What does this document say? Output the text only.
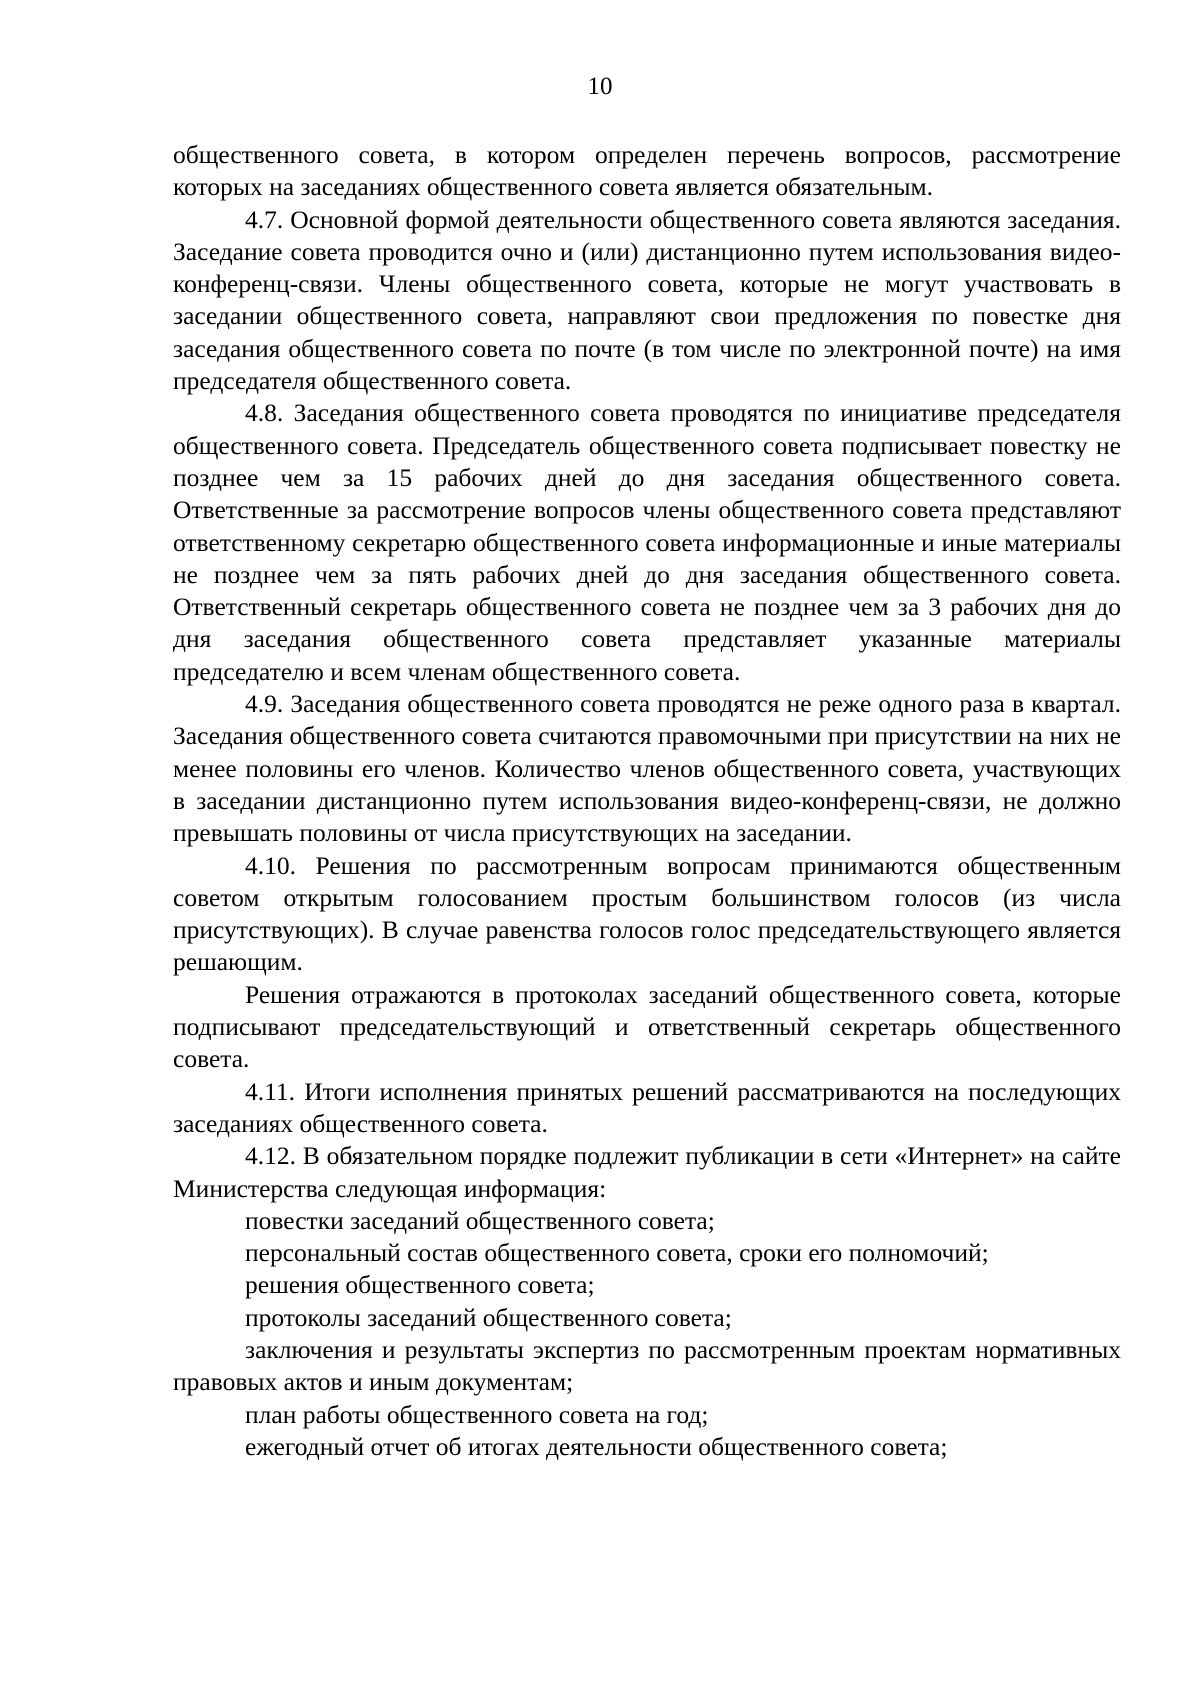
10

общественного совета, в котором определен перечень вопросов, рассмотрение которых на заседаниях общественного совета является обязательным.

4.7. Основной формой деятельности общественного совета являются заседания. Заседание совета проводится очно и (или) дистанционно путем использования видео-конференц-связи. Члены общественного совета, которые не могут участвовать в заседании общественного совета, направляют свои предложения по повестке дня заседания общественного совета по почте (в том числе по электронной почте) на имя председателя общественного совета.

4.8. Заседания общественного совета проводятся по инициативе председателя общественного совета. Председатель общественного совета подписывает повестку не позднее чем за 15 рабочих дней до дня заседания общественного совета. Ответственные за рассмотрение вопросов члены общественного совета представляют ответственному секретарю общественного совета информационные и иные материалы не позднее чем за пять рабочих дней до дня заседания общественного совета. Ответственный секретарь общественного совета не позднее чем за 3 рабочих дня до дня заседания общественного совета представляет указанные материалы председателю и всем членам общественного совета.

4.9. Заседания общественного совета проводятся не реже одного раза в квартал. Заседания общественного совета считаются правомочными при присутствии на них не менее половины его членов. Количество членов общественного совета, участвующих в заседании дистанционно путем использования видео-конференц-связи, не должно превышать половины от числа присутствующих на заседании.

4.10. Решения по рассмотренным вопросам принимаются общественным советом открытым голосованием простым большинством голосов (из числа присутствующих). В случае равенства голосов голос председательствующего является решающим.

Решения отражаются в протоколах заседаний общественного совета, которые подписывают председательствующий и ответственный секретарь общественного совета.

4.11. Итоги исполнения принятых решений рассматриваются на последующих заседаниях общественного совета.

4.12. В обязательном порядке подлежит публикации в сети «Интернет» на сайте Министерства следующая информация:

повестки заседаний общественного совета;

персональный состав общественного совета, сроки его полномочий;

решения общественного совета;

протоколы заседаний общественного совета;

заключения и результаты экспертиз по рассмотренным проектам нормативных правовых актов и иным документам;

план работы общественного совета на год;

ежегодный отчет об итогах деятельности общественного совета;
